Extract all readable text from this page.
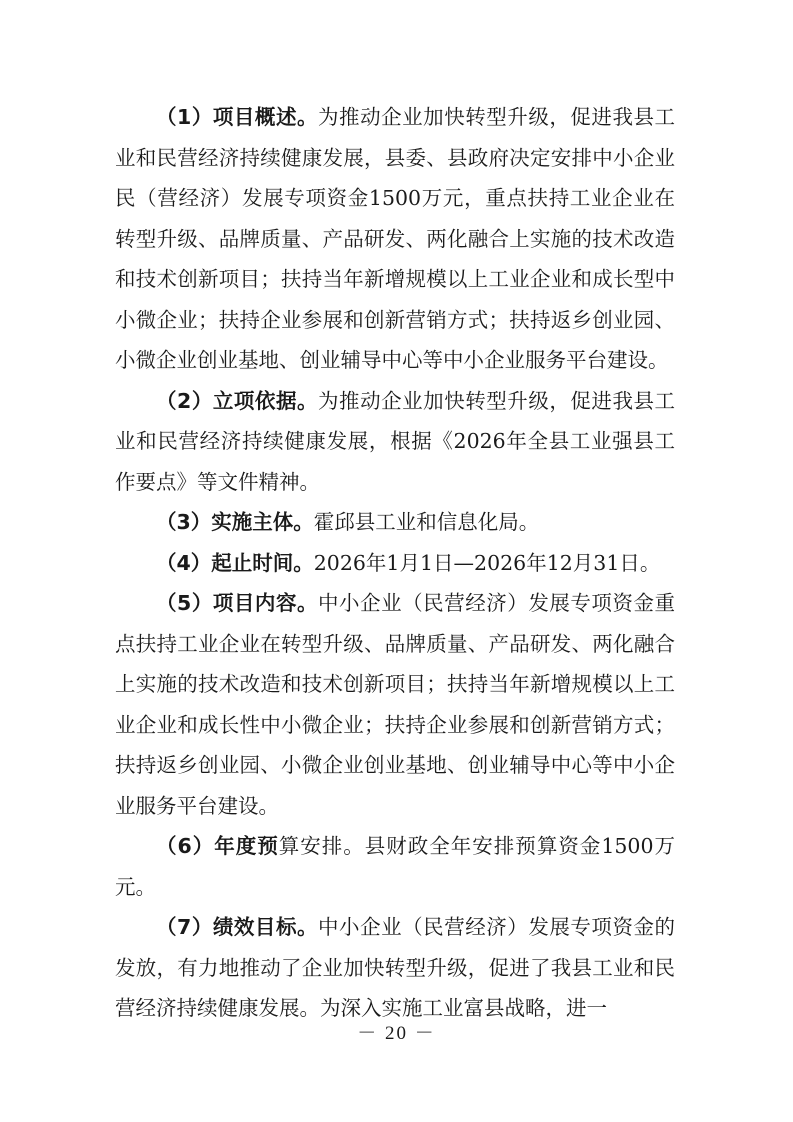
（1）项目概述。为推动企业加快转型升级，促进我县工业和民营经济持续健康发展，县委、县政府决定安排中小企业民（营经济）发展专项资金1500万元，重点扶持工业企业在转型升级、品牌质量、产品研发、两化融合上实施的技术改造和技术创新项目；扶持当年新增规模以上工业企业和成长型中小微企业；扶持企业参展和创新营销方式；扶持返乡创业园、小微企业创业基地、创业辅导中心等中小企业服务平台建设。

（2）立项依据。为推动企业加快转型升级，促进我县工业和民营经济持续健康发展，根据《2026年全县工业强县工作要点》等文件精神。

（3）实施主体。霍邱县工业和信息化局。

（4）起止时间。2026年1月1日—2026年12月31日。

（5）项目内容。中小企业（民营经济）发展专项资金重点扶持工业企业在转型升级、品牌质量、产品研发、两化融合上实施的技术改造和技术创新项目；扶持当年新增规模以上工业企业和成长性中小微企业；扶持企业参展和创新营销方式；扶持返乡创业园、小微企业创业基地、创业辅导中心等中小企业服务平台建设。

（6）年度预算安排。县财政全年安排预算资金1500万元。

（7）绩效目标。中小企业（民营经济）发展专项资金的发放，有力地推动了企业加快转型升级，促进了我县工业和民营经济持续健康发展。为深入实施工业富县战略，进一

－ 20 －
